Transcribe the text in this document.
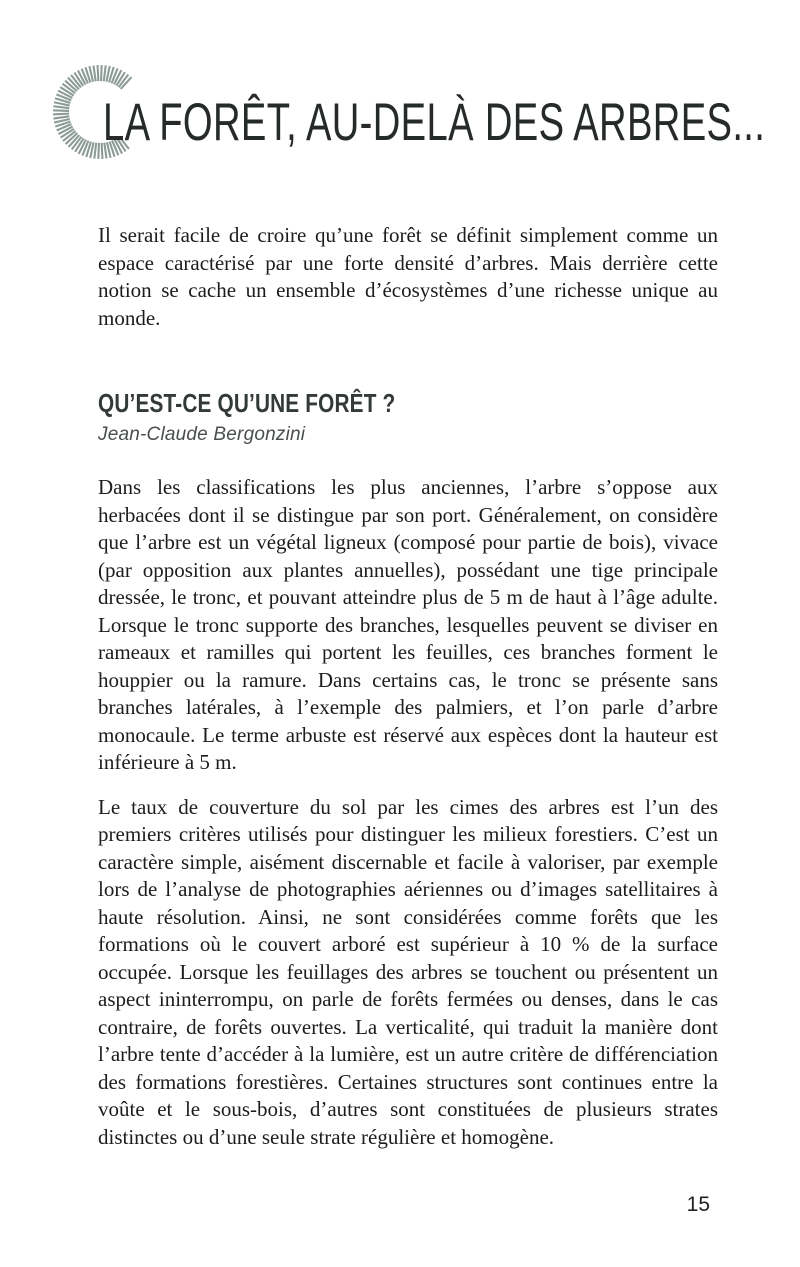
LA FORÊT, AU-DELÀ DES ARBRES...

Il serait facile de croire qu’une forêt se définit simplement comme un espace caractérisé par une forte densité d’arbres. Mais derrière cette notion se cache un ensemble d’écosystèmes d’une richesse unique au monde.

QU’EST-CE QU’UNE FORÊT ?

Jean-Claude Bergonzini

Dans les classifications les plus anciennes, l’arbre s’oppose aux herbacées dont il se distingue par son port. Généralement, on considère que l’arbre est un végétal ligneux (composé pour partie de bois), vivace (par opposition aux plantes annuelles), possédant une tige principale dressée, le tronc, et pouvant atteindre plus de 5 m de haut à l’âge adulte. Lorsque le tronc supporte des branches, lesquelles peuvent se diviser en rameaux et ramilles qui portent les feuilles, ces branches forment le houppier ou la ramure. Dans certains cas, le tronc se présente sans branches latérales, à l’exemple des palmiers, et l’on parle d’arbre monocaule. Le terme arbuste est réservé aux espèces dont la hauteur est inférieure à 5 m.

Le taux de couverture du sol par les cimes des arbres est l’un des premiers critères utilisés pour distinguer les milieux forestiers. C’est un caractère simple, aisément discernable et facile à valoriser, par exemple lors de l’analyse de photographies aériennes ou d’images satellitaires à haute résolution. Ainsi, ne sont considérées comme forêts que les formations où le couvert arboré est supérieur à 10 % de la surface occupée. Lorsque les feuillages des arbres se touchent ou présentent un aspect ininterrompu, on parle de forêts fermées ou denses, dans le cas contraire, de forêts ouvertes. La verticalité, qui traduit la manière dont l’arbre tente d’accéder à la lumière, est un autre critère de différenciation des formations forestières. Certaines structures sont continues entre la voûte et le sous-bois, d’autres sont constituées de plusieurs strates distinctes ou d’une seule strate régulière et homogène.

15
